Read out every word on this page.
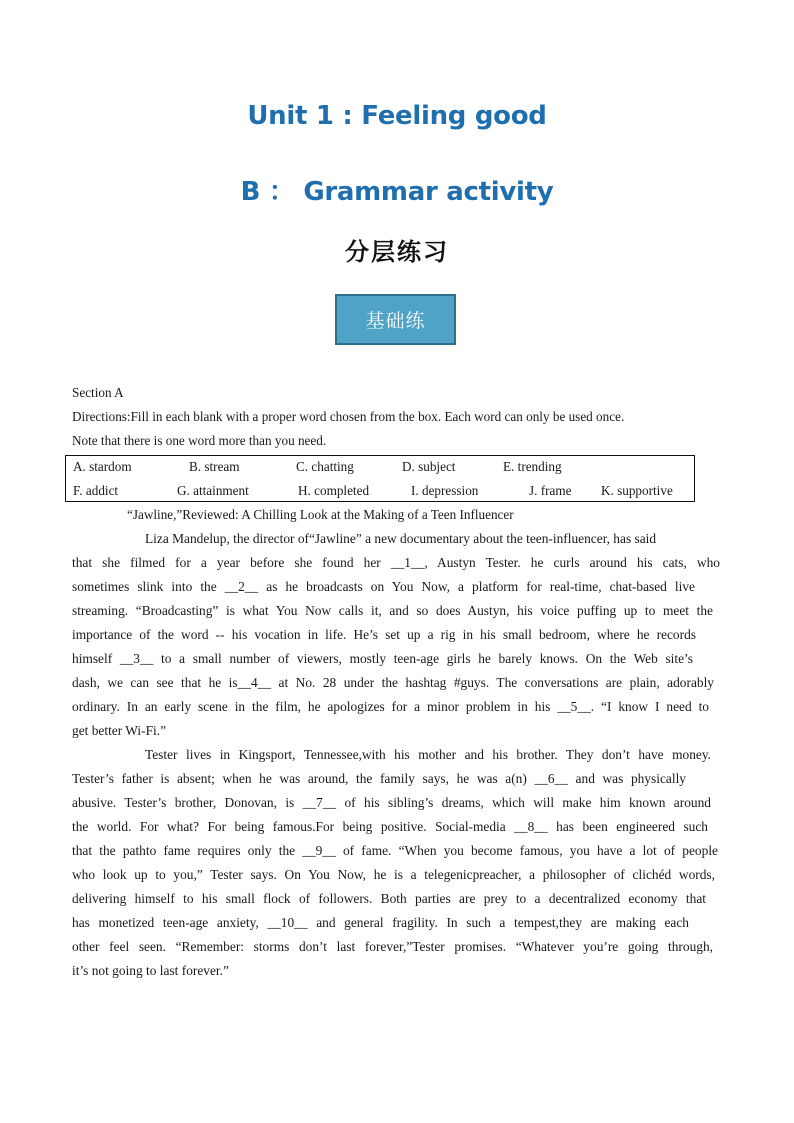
Unit 1 : Feeling good
B ： Grammar activity
分层练习
基础练
Section A
Directions:Fill in each blank with a proper word chosen from the box. Each word can only be used once.
Note that there is one word more than you need.
A. stardom	B. stream	C. chatting	D. subject	E. trending
F. addict	G. attainment	H. completed	I. depression	J. frame K. supportive
“Jawline,”Reviewed: A Chilling Look at the Making of a Teen Influencer
Liza Mandelup, the director of“Jawline” a new documentary about the teen-influencer, has said
that she filmed for a year before she found her __1__, Austyn Tester. he curls around his cats, who
sometimes slink into the __2__ as he broadcasts on You Now, a platform for real-time, chat-based live
streaming. “Broadcasting” is what You Now calls it, and so does Austyn, his voice puffing up to meet the
importance of the word -- his vocation in life. He’s set up a rig in his small bedroom, where he records
himself __3__ to a small number of viewers, mostly teen-age girls he barely knows. On the Web site’s
dash, we can see that he is__4__ at No. 28 under the hashtag #guys. The conversations are plain, adorably
ordinary. In an early scene in the film, he apologizes for a minor problem in his __5__. “I know I need to
get better Wi-Fi.”
Tester lives in Kingsport, Tennessee,with his mother and his brother. They don’t have money.
Tester’s father is absent; when he was around, the family says, he was a(n) __6__ and was physically
abusive. Tester’s brother, Donovan, is __7__ of his sibling’s dreams, which will make him known around
the world. For what? For being famous.For being positive. Social-media __8__ has been engineered such
that the pathto fame requires only the __9__ of fame. “When you become famous, you have a lot of people
who look up to you,” Tester says. On You Now, he is a telegenicpreacher, a philosopher of clichéd words,
delivering himself to his small flock of followers. Both parties are prey to a decentralized economy that
has monetized teen-age anxiety, __10__ and general fragility. In such a tempest,they are making each
other feel seen. “Remember: storms don’t last forever,”Tester promises. “Whatever you’re going through,
it’s not going to last forever.”
